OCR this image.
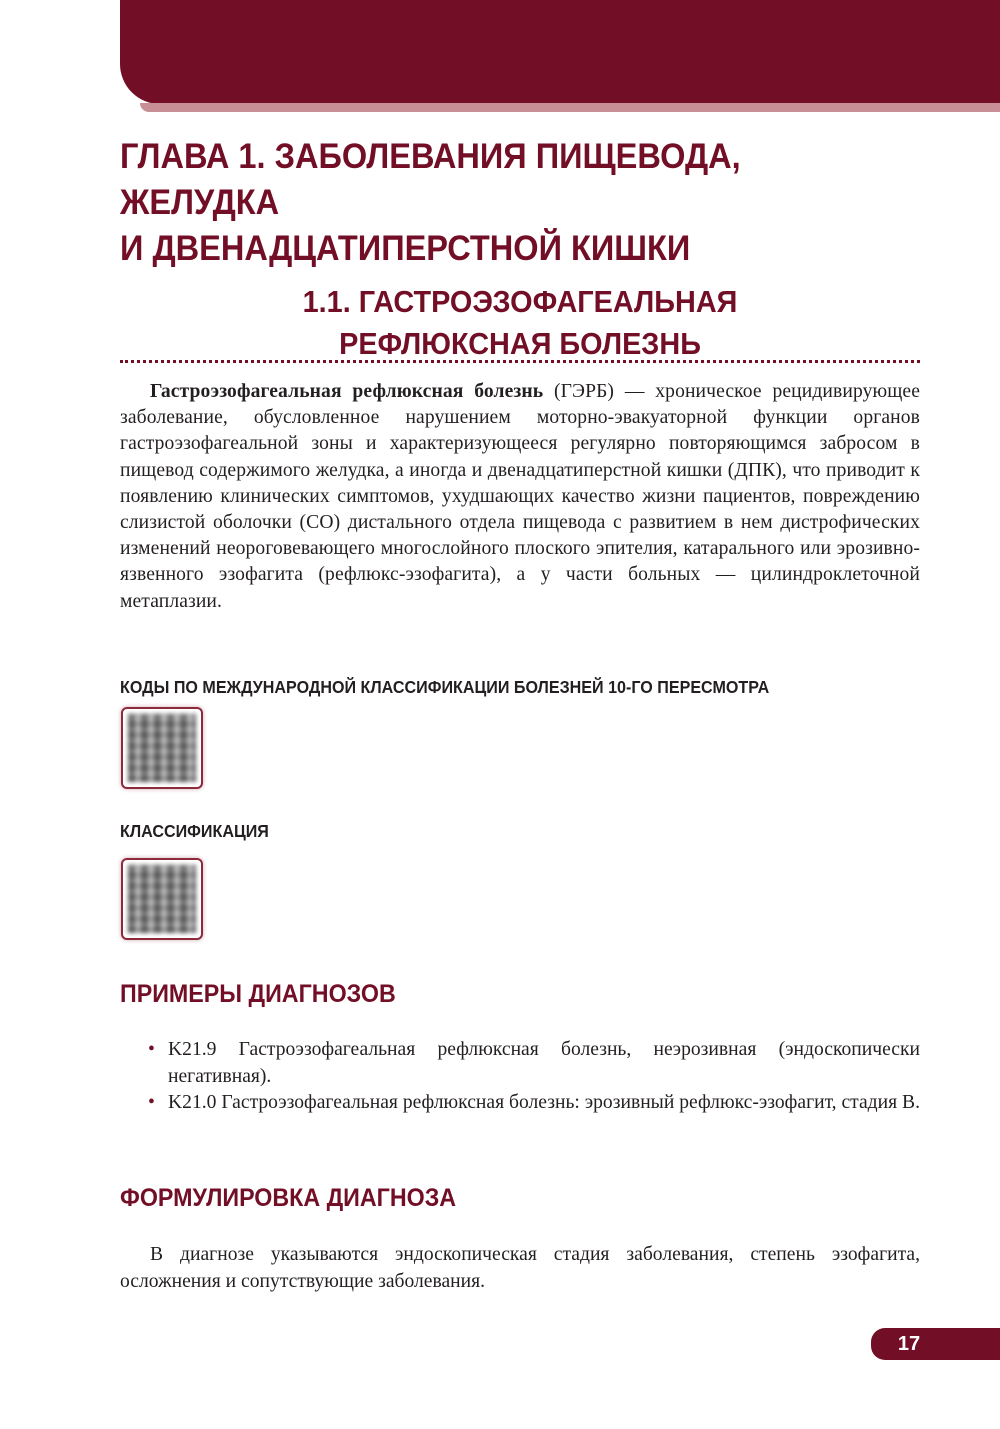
ГЛАВА 1. ЗАБОЛЕВАНИЯ ПИЩЕВОДА, ЖЕЛУДКА
И ДВЕНАДЦАТИПЕРСТНОЙ КИШКИ
1.1. ГАСТРОЭЗОФАГЕАЛЬНАЯ
РЕФЛЮКСНАЯ БОЛЕЗНЬ

Гастроэзофагеальная рефлюксная болезнь (ГЭРБ) — хроническое рецидивирующее заболевание, обусловленное нарушением моторно-эвакуаторной функции органов гастроэзофагеальной зоны и характеризующееся регулярно повторяющимся забросом в пищевод содержимого желудка, а иногда и двенадцатиперстной кишки (ДПК), что приводит к появлению клинических симптомов, ухудшающих качество жизни пациентов, повреждению слизистой оболочки (СО) дистального отдела пищевода с развитием в нем дистрофических изменений неороговевающего многослойного плоского эпителия, катарального или эрозивно-язвенного эзофагита (рефлюкс-эзофагита), а у части больных — цилиндроклеточной метаплазии.

КОДЫ ПО МЕЖДУНАРОДНОЙ КЛАССИФИКАЦИИ БОЛЕЗНЕЙ 10-ГО ПЕРЕСМОТРА
КЛАССИФИКАЦИЯ
ПРИМЕРЫ ДИАГНОЗОВ
• K21.9 Гастроэзофагеальная рефлюксная болезнь, неэрозивная (эндоскопически негативная).
• K21.0 Гастроэзофагеальная рефлюксная болезнь: эрозивный рефлюкс-эзофагит, стадия B.
ФОРМУЛИРОВКА ДИАГНОЗА

В диагнозе указываются эндоскопическая стадия заболевания, степень эзофагита, осложнения и сопутствующие заболевания.

17
